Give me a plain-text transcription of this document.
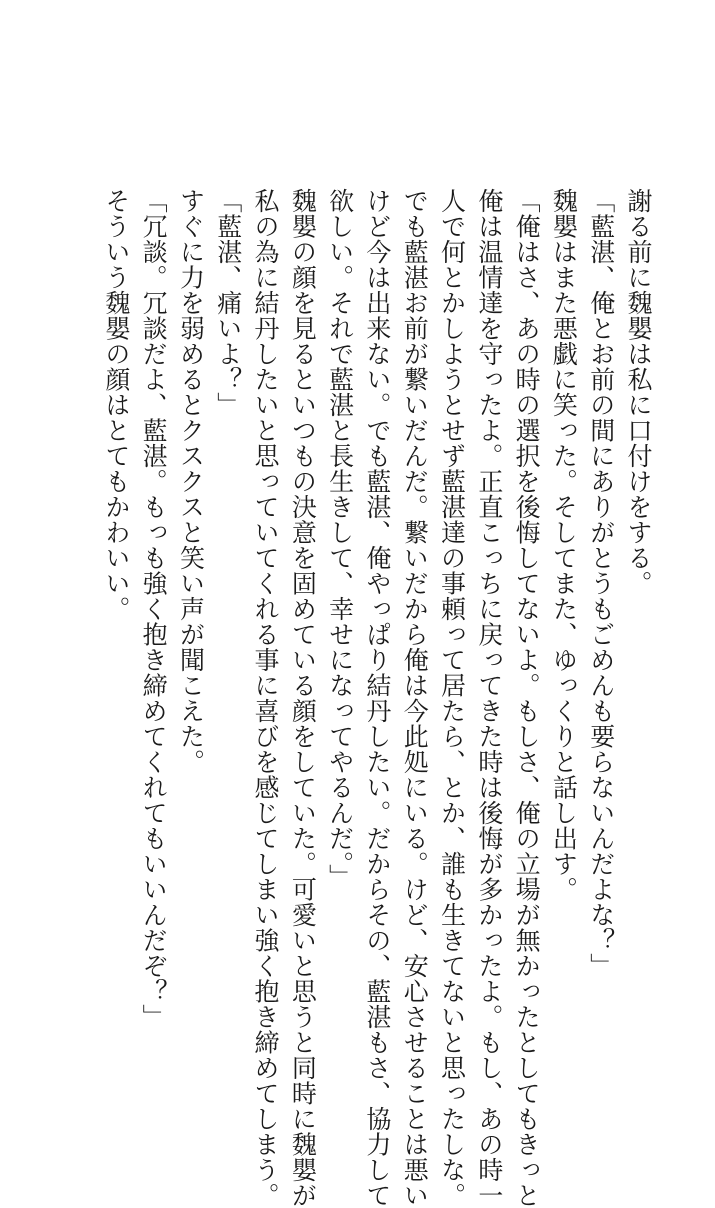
謝る前に魏嬰は私に口付けをする。
「藍湛、俺とお前の間にありがとうもごめんも要らないんだよな？」
魏嬰はまた悪戯に笑った。そしてまた、ゆっくりと話し出す。
「俺はさ、あの時の選択を後悔してないよ。もしさ、俺の立場が無かったとしてもきっと
俺は温情達を守ったよ。正直こっちに戻ってきた時は後悔が多かったよ。もし、あの時一
人で何とかしようとせず藍湛達の事頼って居たら、とか、誰も生きてないと思ったしな。
でも藍湛お前が繋いだんだ。繋いだから俺は今此処にいる。けど、安心させることは悪い
けど今は出来ない。でも藍湛、俺やっぱり結丹したい。だからその、藍湛もさ、協力して
欲しい。それで藍湛と長生きして、幸せになってやるんだ。」
魏嬰の顔を見るといつもの決意を固めている顔をしていた。可愛いと思うと同時に魏嬰が
私の為に結丹したいと思っていてくれる事に喜びを感じてしまい強く抱き締めてしまう。
「藍湛、痛いよ？」
すぐに力を弱めるとクスクスと笑い声が聞こえた。
「冗談。冗談だよ、藍湛。もっも強く抱き締めてくれてもいいんだぞ？」
そういう魏嬰の顔はとてもかわいい。
